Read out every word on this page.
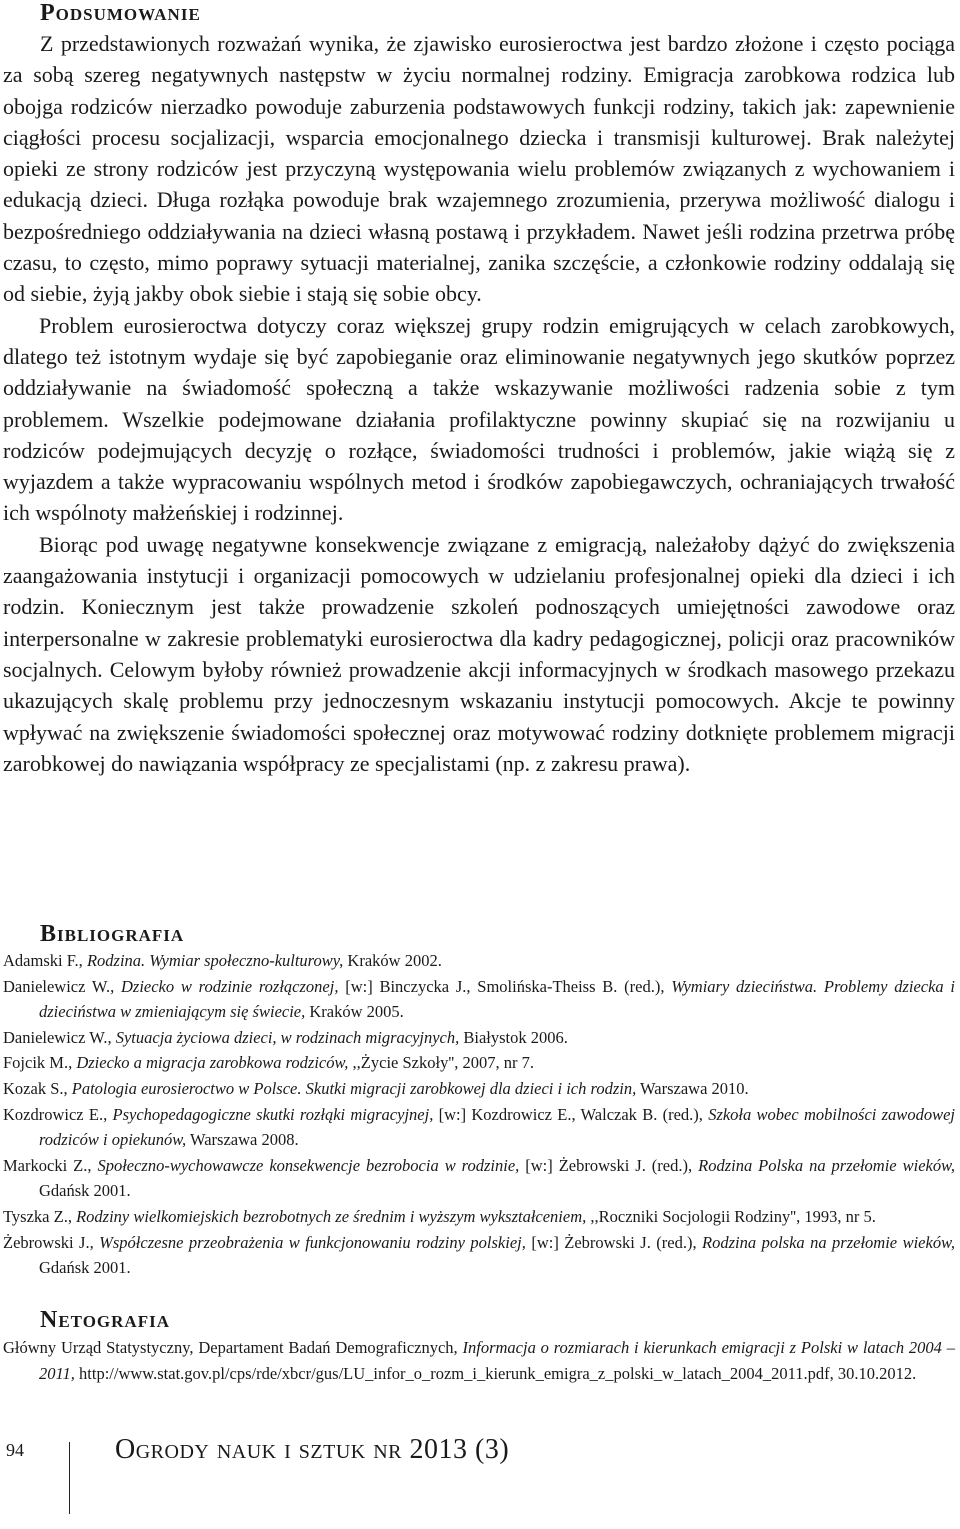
Podsumowanie

Z przedstawionych rozważań wynika, że zjawisko eurosieroctwa jest bardzo złożone i często pociąga za sobą szereg negatywnych następstw w życiu normalnej rodziny. Emigracja zarobkowa rodzica lub obojga rodziców nierzadko powoduje zaburzenia podstawowych funkcji rodziny, takich jak: zapewnienie ciągłości procesu socjalizacji, wsparcia emocjonalnego dziecka i transmisji kulturowej. Brak należytej opieki ze strony rodziców jest przyczyną występowania wielu problemów związanych z wychowaniem i edukacją dzieci. Długa rozłąka powoduje brak wzajemnego zrozumienia, przerywa możliwość dialogu i bezpośredniego oddziaływania na dzieci własną postawą i przykładem. Nawet jeśli rodzina przetrwa próbę czasu, to często, mimo poprawy sytuacji materialnej, zanika szczęście, a członkowie rodziny oddalają się od siebie, żyją jakby obok siebie i stają się sobie obcy.

Problem eurosieroctwa dotyczy coraz większej grupy rodzin emigrujących w celach zarobkowych, dlatego też istotnym wydaje się być zapobieganie oraz eliminowanie negatywnych jego skutków poprzez oddziaływanie na świadomość społeczną a także wskazywanie możliwości radzenia sobie z tym problemem. Wszelkie podejmowane działania profilaktyczne powinny skupiać się na rozwijaniu u rodziców podejmujących decyzję o rozłące, świadomości trudności i problemów, jakie wiążą się z wyjazdem a także wypracowaniu wspólnych metod i środków zapobiegawczych, ochraniających trwałość ich wspólnoty małżeńskiej i rodzinnej.

Biorąc pod uwagę negatywne konsekwencje związane z emigracją, należałoby dążyć do zwiększenia zaangażowania instytucji i organizacji pomocowych w udzielaniu profesjonalnej opieki dla dzieci i ich rodzin. Koniecznym jest także prowadzenie szkoleń podnoszących umiejętności zawodowe oraz interpersonalne w zakresie problematyki eurosieroctwa dla kadry pedagogicznej, policji oraz pracowników socjalnych. Celowym byłoby również prowadzenie akcji informacyjnych w środkach masowego przekazu ukazujących skalę problemu przy jednoczesnym wskazaniu instytucji pomocowych. Akcje te powinny wpływać na zwiększenie świadomości społecznej oraz motywować rodziny dotknięte problemem migracji zarobkowej do nawiązania współpracy ze specjalistami (np. z zakresu prawa).

Bibliografia

Adamski F., Rodzina. Wymiar społeczno-kulturowy, Kraków 2002.

Danielewicz W., Dziecko w rodzinie rozłączonej, [w:] Binczycka J., Smolińska-Theiss B. (red.), Wymiary dzieciństwa. Problemy dziecka i dzieciństwa w zmieniającym się świecie, Kraków 2005.

Danielewicz W., Sytuacja życiowa dzieci, w rodzinach migracyjnych, Białystok 2006.

Fojcik M., Dziecko a migracja zarobkowa rodziców, ,,Życie Szkoły'', 2007, nr 7.

Kozak S., Patologia eurosieroctwo w Polsce. Skutki migracji zarobkowej dla dzieci i ich rodzin, Warszawa 2010.

Kozdrowicz E., Psychopedagogiczne skutki rozłąki migracyjnej, [w:] Kozdrowicz E., Walczak B. (red.), Szkoła wobec mobilności zawodowej rodziców i opiekunów, Warszawa 2008.

Markocki Z., Społeczno-wychowawcze konsekwencje bezrobocia w rodzinie, [w:] Żebrowski J. (red.), Rodzina Polska na przełomie wieków, Gdańsk 2001.

Tyszka Z., Rodziny wielkomiejskich bezrobotnych ze średnim i wyższym wykształceniem, ,,Roczniki Socjologii Rodziny'', 1993, nr 5.

Żebrowski J., Współczesne przeobrażenia w funkcjonowaniu rodziny polskiej, [w:] Żebrowski J. (red.), Rodzina polska na przełomie wieków, Gdańsk 2001.

Netografia

Główny Urząd Statystyczny, Departament Badań Demograficznych, Informacja o rozmiarach i kierunkach emigracji z Polski w latach 2004 – 2011, http://www.stat.gov.pl/cps/rde/xbcr/gus/LU_infor_o_rozm_i_kierunk_emigra_z_polski_w_latach_2004_2011.pdf, 30.10.2012.

94	Ogrody nauk i sztuk nr 2013 (3)
